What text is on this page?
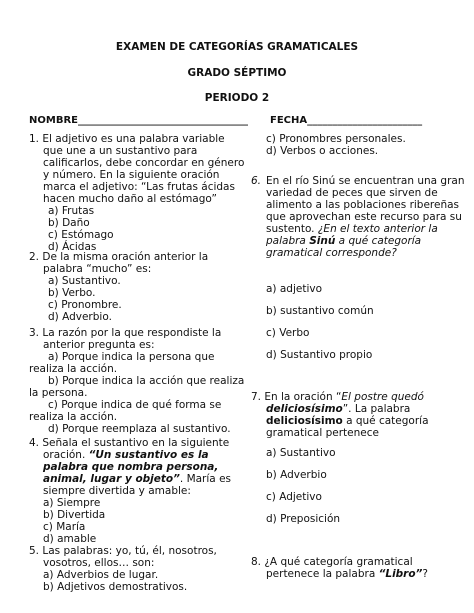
EXAMEN DE CATEGORÍAS GRAMATICALES
GRADO SÉPTIMO
PERIODO 2
NOMBRE__________________________________ FECHA_______________________
1. El adjetivo es una palabra variable
que une a un sustantivo para
calificarlos, debe concordar en género
y número. En la siguiente oración
marca el adjetivo: “Las frutas ácidas
hacen mucho daño al estómago”
a) Frutas
b) Daño
c) Estómago
d) Ácidas
2. De la misma oración anterior la
palabra “mucho” es:
a) Sustantivo.
b) Verbo.
c) Pronombre.
d) Adverbio.
3. La razón por la que respondiste la
anterior pregunta es:
a) Porque indica la persona que
realiza la acción.
b) Porque indica la acción que realiza
la persona.
c) Porque indica de qué forma se
realiza la acción.
d) Porque reemplaza al sustantivo.
4. Señala el sustantivo en la siguiente
oración. “Un sustantivo es la
palabra que nombra persona,
animal, lugar y objeto”. María es
siempre divertida y amable:
a) Siempre
b) Divertida
c) María
d) amable
5. Las palabras: yo, tú, él, nosotros,
vosotros, ellos… son:
a) Adverbios de lugar.
b) Adjetivos demostrativos.
c) Pronombres personales.
d) Verbos o acciones.
6. En el río Sinú se encuentran una gran
variedad de peces que sirven de
alimento a las poblaciones ribereñas
que aprovechan este recurso para su
sustento. ¿En el texto anterior la
palabra Sinú a qué categoría
gramatical corresponde?
a) adjetivo
b) sustantivo común
c) Verbo
d) Sustantivo propio
7. En la oración “El postre quedó
deliciosísimo”. La palabra
deliciosísimo a qué categoría
gramatical pertenece
a) Sustantivo
b) Adverbio
c) Adjetivo
d) Preposición
8. ¿A qué categoría gramatical
pertenece la palabra “Libro”?
